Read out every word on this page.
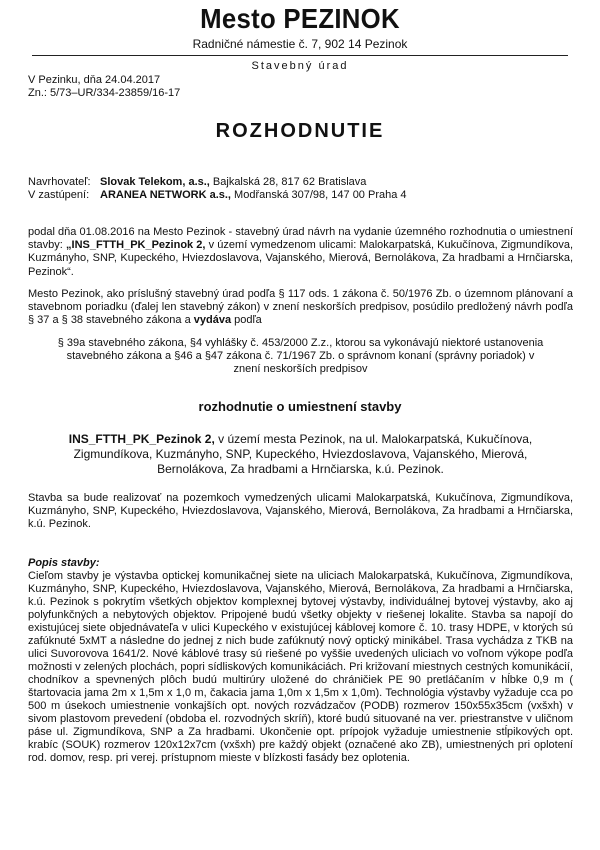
Mesto PEZINOK
Radničné námestie č. 7, 902 14 Pezinok
Stavebný úrad
V Pezinku, dňa 24.04.2017
Zn.: 5/73–UR/334-23859/16-17
ROZHODNUTIE
Navrhovateľ: Slovak Telekom, a.s., Bajkalská 28, 817 62 Bratislava
V zastúpení: ARANEA NETWORK a.s., Modřanská 307/98, 147 00 Praha 4
podal dňa 01.08.2016 na Mesto Pezinok - stavebný úrad návrh na vydanie územného rozhodnutia o umiestnení stavby: „INS_FTTH_PK_Pezinok 2, v území vymedzenom ulicami: Malokarpatská, Kukučínova, Zigmundíkova, Kuzmányho, SNP, Kupeckého, Hviezdoslavova, Vajanského, Mierová, Bernolákova, Za hradbami a Hrnčiarska, Pezinok“.
Mesto Pezinok, ako príslušný stavebný úrad podľa § 117 ods. 1 zákona č. 50/1976 Zb. o územnom plánovaní a stavebnom poriadku (ďalej len stavebný zákon) v znení neskorších predpisov, posúdilo predložený návrh podľa § 37 a § 38 stavebného zákona a vydáva podľa
§ 39a stavebného zákona, §4 vyhlášky č. 453/2000 Z.z., ktorou sa vykonávajú niektoré ustanovenia stavebného zákona a §46 a §47 zákona č. 71/1967 Zb. o správnom konaní (správny poriadok) v znení neskorších predpisov
rozhodnutie o umiestnení stavby
INS_FTTH_PK_Pezinok 2, v území mesta Pezinok, na ul. Malokarpatská, Kukučínova, Zigmundíkova, Kuzmányho, SNP, Kupeckého, Hviezdoslavova, Vajanského, Mierová, Bernolákova, Za hradbami a Hrnčiarska, k.ú. Pezinok.
Stavba sa bude realizovať na pozemkoch vymedzených ulicami Malokarpatská, Kukučínova, Zigmundíkova, Kuzmányho, SNP, Kupeckého, Hviezdoslavova, Vajanského, Mierová, Bernolákova, Za hradbami a Hrnčiarska, k.ú. Pezinok.
Popis stavby:
Cieľom stavby je výstavba optickej komunikačnej siete na uliciach Malokarpatská, Kukučínova, Zigmundíkova, Kuzmányho, SNP, Kupeckého, Hviezdoslavova, Vajanského, Mierová, Bernolákova, Za hradbami a Hrnčiarska, k.ú. Pezinok s pokrytím všetkých objektov komplexnej bytovej výstavby, individuálnej bytovej výstavby, ako aj polyfunkčných a nebytových objektov. Pripojené budú všetky objekty v riešenej lokalite. Stavba sa napojí do existujúcej siete objednávateľa v ulici Kupeckého v existujúcej káblovej komore č. 10. trasy HDPE, v ktorých sú zafúknuté 5xMT a následne do jednej z nich bude zafúknutý nový optický minikábel. Trasa vychádza z TKB na ulici Suvorovova 1641/2. Nové káblové trasy sú riešené po vyššie uvedených uliciach vo voľnom výkope podľa možnosti v zelených plochách, popri sídliskových komunikáciách. Pri križovaní miestnych cestných komunikácií, chodníkov a spevnených plôch budú multirúry uložené do chráničiek PE 90 pretláčaním v hĺbke 0,9 m ( štartovacia jama 2m x 1,5m x 1,0 m, čakacia jama 1,0m x 1,5m x 1,0m). Technológia výstavby vyžaduje cca po 500 m úsekoch umiestnenie vonkajších opt. nových rozvádzačov (PODB) rozmerov 150x55x35cm (vxšxh) v sivom plastovom prevedení (obdoba el. rozvodných skríň), ktoré budú situované na ver. priestranstve v uličnom páse ul. Zigmundíkova, SNP a Za hradbami. Ukončenie opt. prípojok vyžaduje umiestnenie stĺpikových opt. krabíc (SOUK) rozmerov 120x12x7cm (vxšxh) pre každý objekt (označené ako ZB), umiestnených pri oplotení rod. domov, resp. pri verej. prístupnom mieste v blízkosti fasády bez oplotenia.
